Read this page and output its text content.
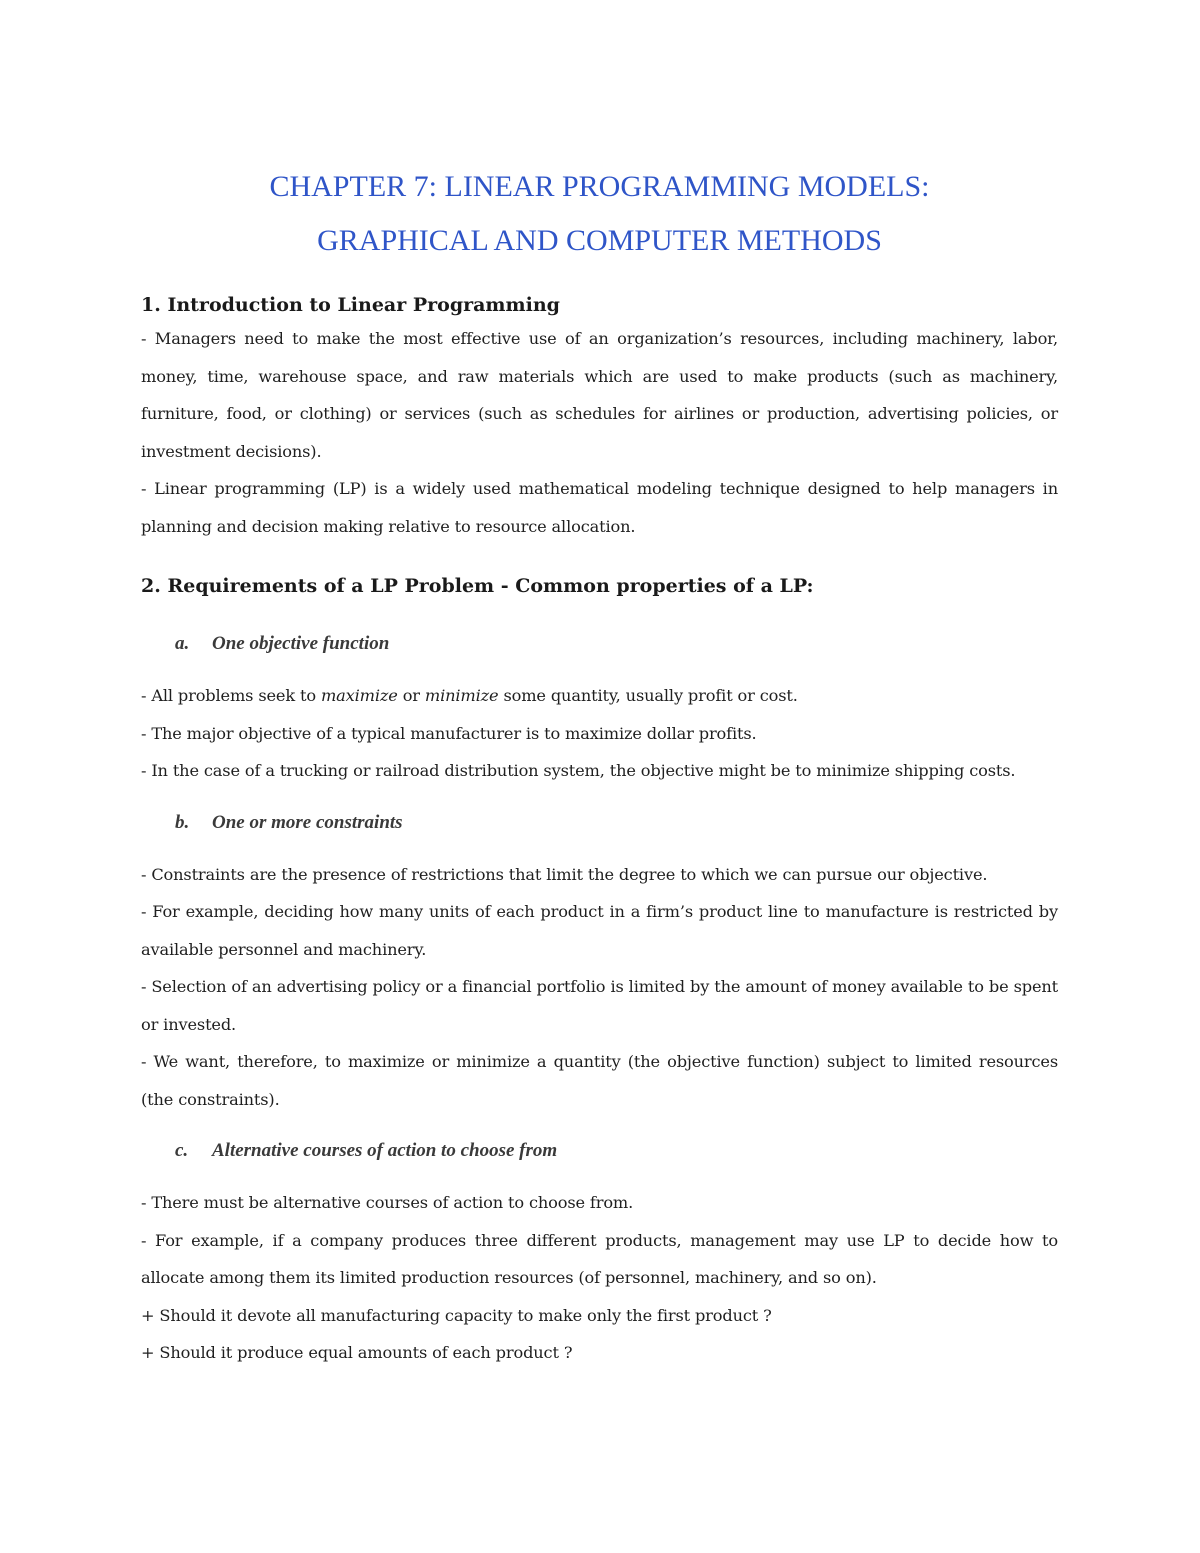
CHAPTER 7: LINEAR PROGRAMMING MODELS:

GRAPHICAL AND COMPUTER METHODS

1. Introduction to Linear Programming

- Managers need to make the most effective use of an organization’s resources, including machinery, labor, money, time, warehouse space, and raw materials which are used to make products (such as machinery, furniture, food, or clothing) or services (such as schedules for airlines or production, advertising policies, or investment decisions).

- Linear programming (LP) is a widely used mathematical modeling technique designed to help managers in planning and decision making relative to resource allocation.

2. Requirements of a LP Problem - Common properties of a LP:

a. One objective function

- All problems seek to maximize or minimize some quantity, usually profit or cost.

- The major objective of a typical manufacturer is to maximize dollar profits.

- In the case of a trucking or railroad distribution system, the objective might be to minimize shipping costs.

b. One or more constraints

- Constraints are the presence of restrictions that limit the degree to which we can pursue our objective.

- For example, deciding how many units of each product in a firm’s product line to manufacture is restricted by available personnel and machinery.

- Selection of an advertising policy or a financial portfolio is limited by the amount of money available to be spent or invested.

- We want, therefore, to maximize or minimize a quantity (the objective function) subject to limited resources (the constraints).

c. Alternative courses of action to choose from

- There must be alternative courses of action to choose from.

- For example, if a company produces three different products, management may use LP to decide how to allocate among them its limited production resources (of personnel, machinery, and so on).

+ Should it devote all manufacturing capacity to make only the first product ?

+ Should it produce equal amounts of each product ?
